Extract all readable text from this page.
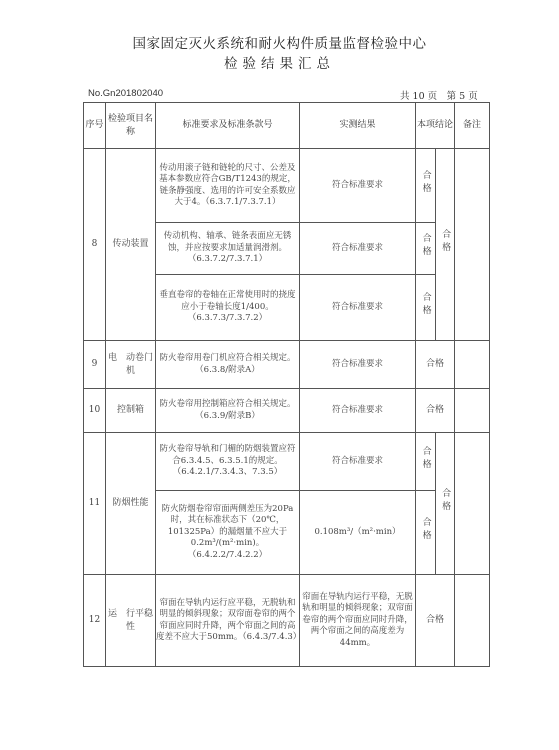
国家固定灭火系统和耐火构件质量监督检验中心
检验结果汇总
No.Gn201802040	共 10 页　第 5 页
序号	检验项目名称	标准要求及标准条款号	实测结果	本项结论		备注
8	传动装置	传动用滚子链和链轮的尺寸、公差及基本参数应符合GB/T1243的规定，链条静强度、选用的许可安全系数应大于4。（6.3.7.1/7.3.7.1）	符合标准要求	合格	合格	
		传动机构、轴承、链条表面应无锈蚀，并应按要求加适量润滑剂。（6.3.7.2/7.3.7.1）	符合标准要求	合格		
		垂直卷帘的卷轴在正常使用时的挠度应小于卷轴长度1/400。（6.3.7.3/7.3.7.2）	符合标准要求	合格		
9	电　动卷门机	防火卷帘用卷门机应符合相关规定。（6.3.8/附录A）	符合标准要求	合格		
10	控制箱	防火卷帘用控制箱应符合相关规定。（6.3.9/附录B）	符合标准要求	合格		
11	防烟性能	防火卷帘导轨和门楣的防烟装置应符合6.3.4.5、6.3.5.1的规定。（6.4.2.1/7.3.4.3、7.3.5）	符合标准要求	合格	合格	
		防火防烟卷帘帘面两侧差压为20Pa时，其在标准状态下（20℃，101325Pa）的漏烟量不应大于0.2m³/(m²·min)。（6.4.2.2/7.4.2.2）	0.108m³/（m²·min）	合格		
12	运　行平稳性	帘面在导轨内运行应平稳，无脱轨和明显的倾斜现象；双帘面卷帘的两个帘面应同时升降，两个帘面之间的高度差不应大于50mm。（6.4.3/7.4.3）	帘面在导轨内运行平稳，无脱轨和明显的倾斜现象；双帘面卷帘的两个帘面应同时升降，两个帘面之间的高度差为44mm。	合格		
